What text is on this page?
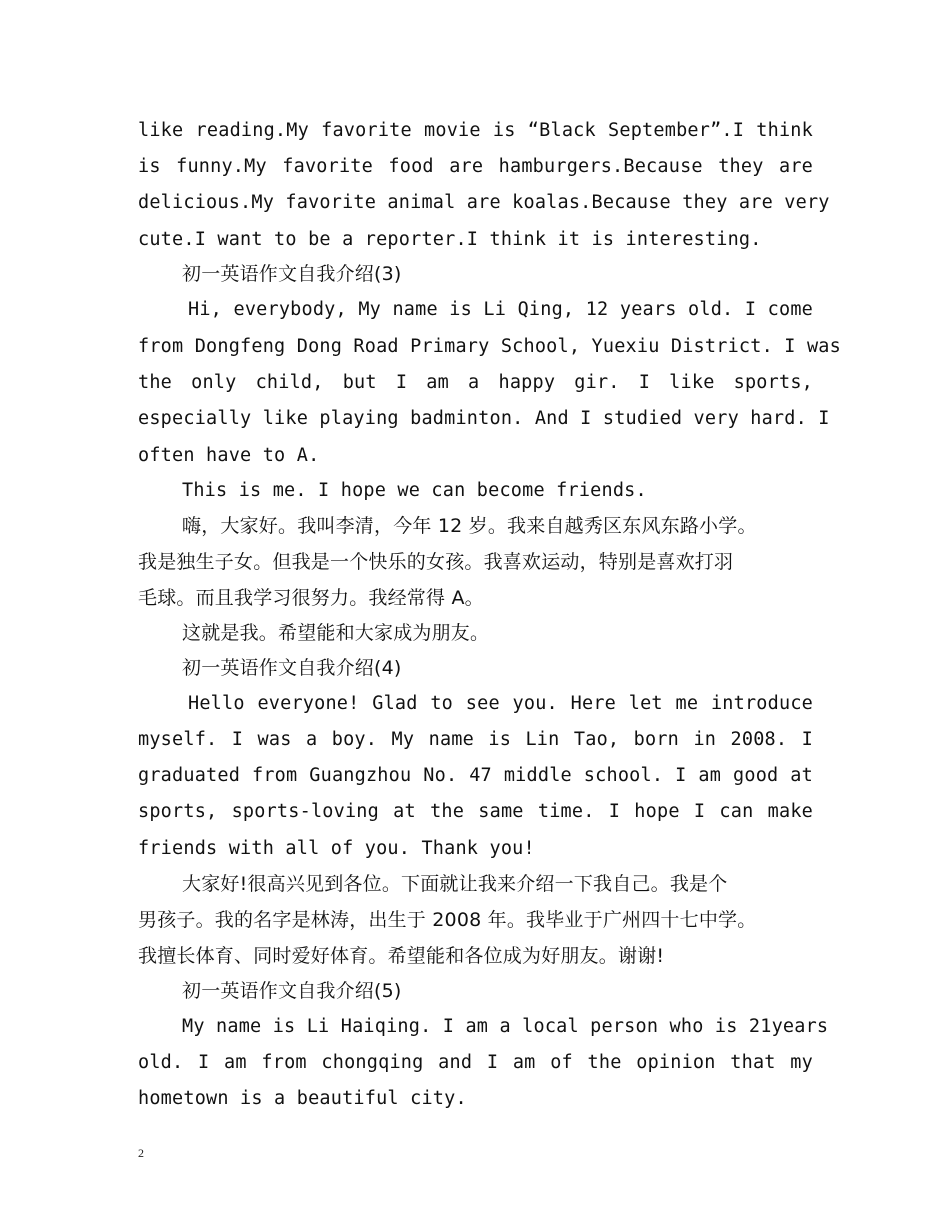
like reading.My favorite movie is “Black September”.I think
is funny.My favorite food are hamburgers.Because they are
delicious.My favorite animal are koalas.Because they are very
cute.I want to be a reporter.I think it is interesting.
初一英语作文自我介绍(3)
Hi, everybody, My name is Li Qing, 12 years old. I come
from Dongfeng Dong Road Primary School, Yuexiu District. I was
the only child, but I am a happy gir. I like sports,
especially like playing badminton. And I studied very hard. I
often have to A.
This is me. I hope we can become friends.
嗨，大家好。我叫李清，今年 12 岁。我来自越秀区东风东路小学。
我是独生子女。但我是一个快乐的女孩。我喜欢运动，特别是喜欢打羽
毛球。而且我学习很努力。我经常得 A。
这就是我。希望能和大家成为朋友。
初一英语作文自我介绍(4)
Hello everyone! Glad to see you. Here let me introduce
myself. I was a boy. My name is Lin Tao, born in 2008. I
graduated from Guangzhou No. 47 middle school. I am good at
sports, sports-loving at the same time. I hope I can make
friends with all of you. Thank you!
大家好!很高兴见到各位。下面就让我来介绍一下我自己。我是个
男孩子。我的名字是林涛，出生于 2008 年。我毕业于广州四十七中学。
我擅长体育、同时爱好体育。希望能和各位成为好朋友。谢谢!
初一英语作文自我介绍(5)
My name is Li Haiqing. I am a local person who is 21years
old. I am from chongqing and I am of the opinion that my
hometown is a beautiful city.
2
